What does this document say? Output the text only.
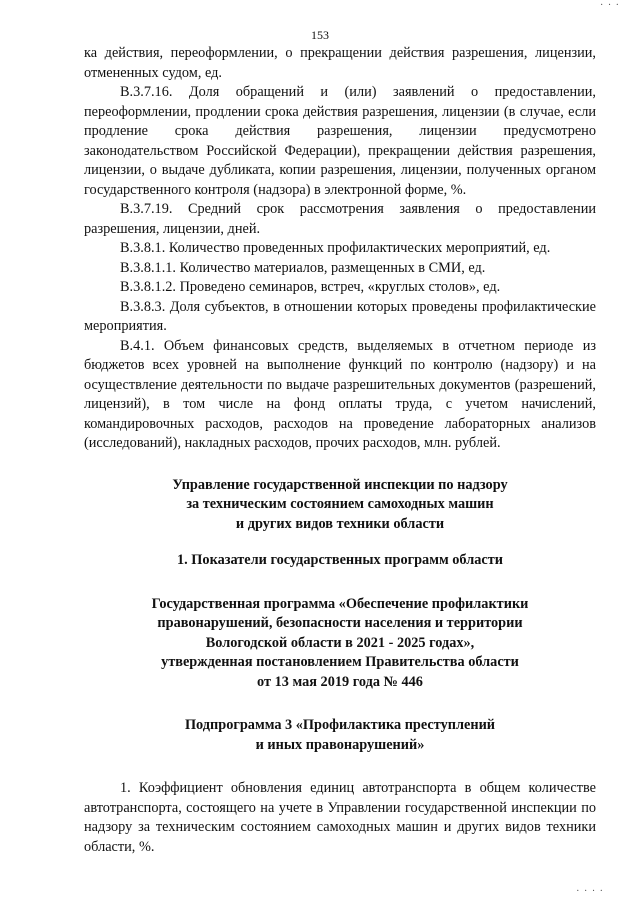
153
· · ·

ка действия, переоформлении, о прекращении действия разрешения, лицензии, отмененных судом, ед.

В.3.7.16. Доля обращений и (или) заявлений о предоставлении, переоформлении, продлении срока действия разрешения, лицензии (в случае, если продление срока действия разрешения, лицензии предусмотрено законодательством Российской Федерации), прекращении действия разрешения, лицензии, о выдаче дубликата, копии разрешения, лицензии, полученных органом государственного контроля (надзора) в электронной форме, %.

В.3.7.19. Средний срок рассмотрения заявления о предоставлении разрешения, лицензии, дней.

В.3.8.1. Количество проведенных профилактических мероприятий, ед.

В.3.8.1.1. Количество материалов, размещенных в СМИ, ед.

В.3.8.1.2. Проведено семинаров, встреч, «круглых столов», ед.

В.3.8.3. Доля субъектов, в отношении которых проведены профилактические мероприятия.

В.4.1. Объем финансовых средств, выделяемых в отчетном периоде из бюджетов всех уровней на выполнение функций по контролю (надзору) и на осуществление деятельности по выдаче разрешительных документов (разрешений, лицензий), в том числе на фонд оплаты труда, с учетом начислений, командировочных расходов, расходов на проведение лабораторных анализов (исследований), накладных расходов, прочих расходов, млн. рублей.

Управление государственной инспекции по надзору

за техническим состоянием самоходных машин

и других видов техники области

1. Показатели государственных программ области

Государственная программа «Обеспечение профилактики

правонарушений, безопасности населения и территории

Вологодской области в 2021 - 2025 годах»,

утвержденная постановлением Правительства области

от 13 мая 2019 года № 446

Подпрограмма 3 «Профилактика преступлений

и иных правонарушений»

1. Коэффициент обновления единиц автотранспорта в общем количестве автотранспорта, состоящего на учете в Управлении государственной инспекции по надзору за техническим состоянием самоходных машин и других видов техники области, %.

· · · ·
